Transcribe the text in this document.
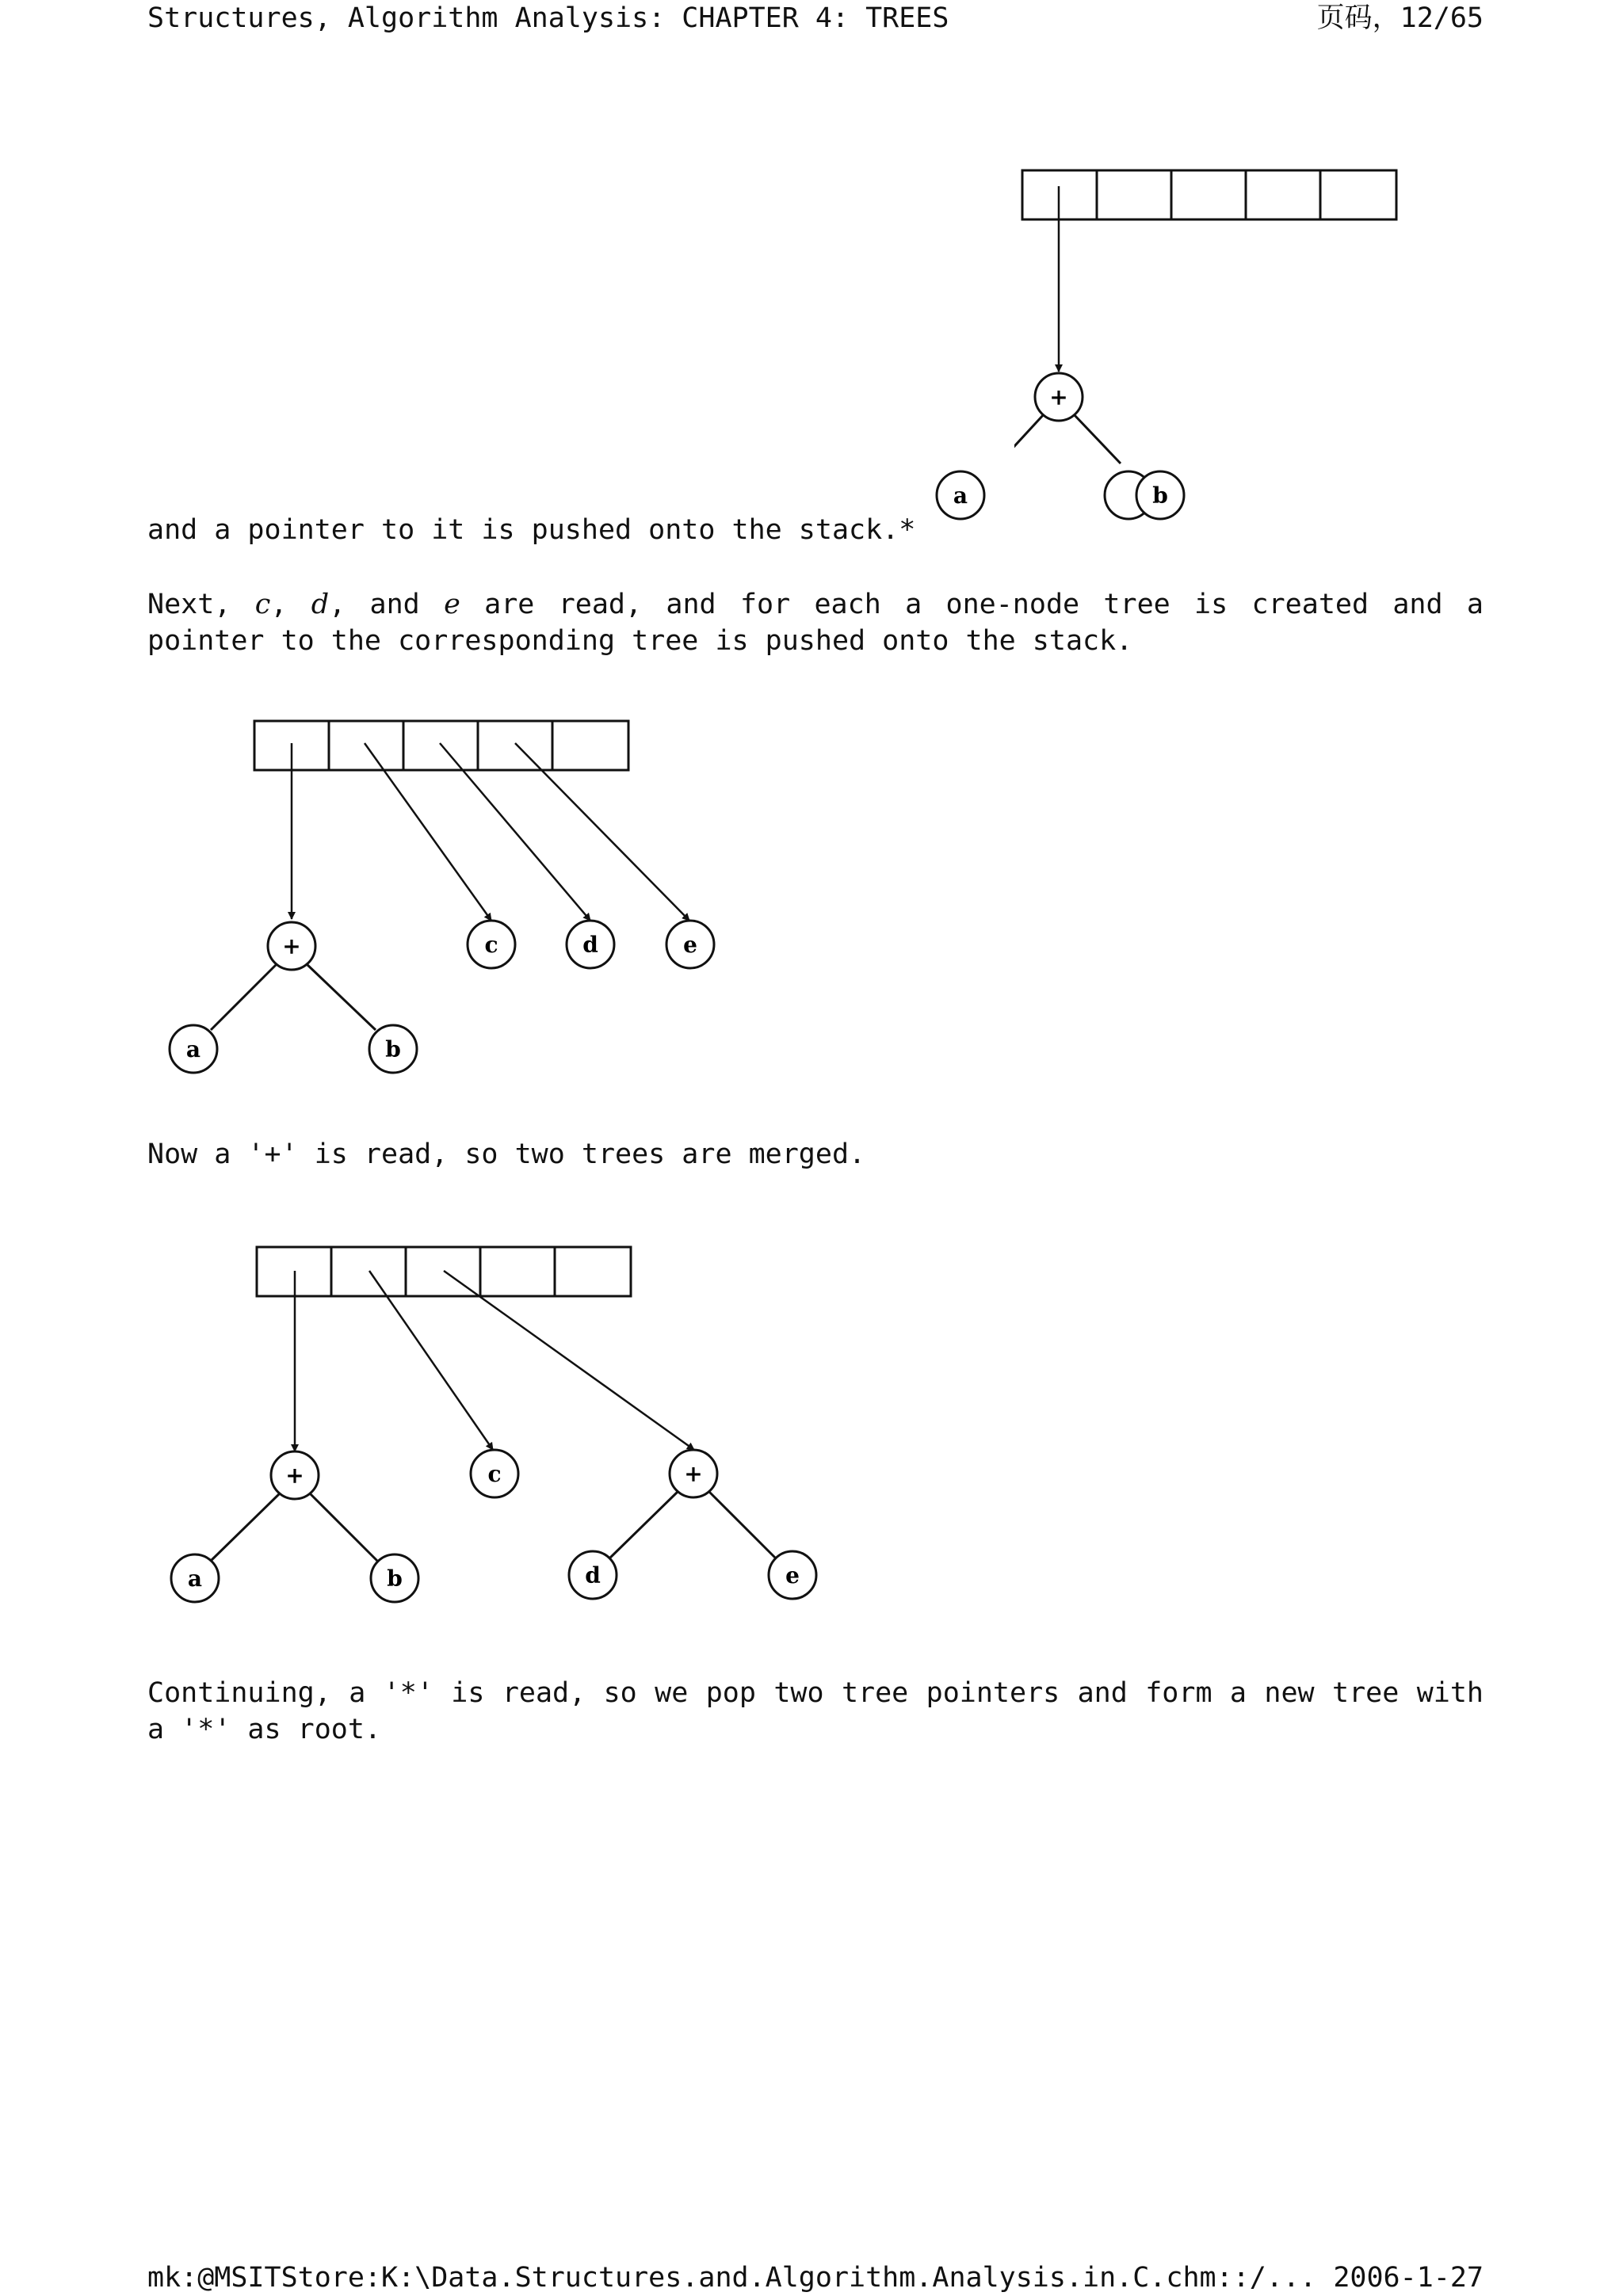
Structures, Algorithm Analysis: CHAPTER 4: TREES	页码，12/65
+
a	b
and a pointer to it is pushed onto the stack.*
Next, c, d, and e are read, and for each a one-node tree is created and a pointer to the corresponding tree is pushed onto the stack.
+
a	b
c	d	e
Now a '+' is read, so two trees are merged.
+
a	b
c	+
d	e
Continuing, a '*' is read, so we pop two tree pointers and form a new tree with a '*' as root.
mk:@MSITStore:K:\Data.Structures.and.Algorithm.Analysis.in.C.chm::/... 2006-1-27
